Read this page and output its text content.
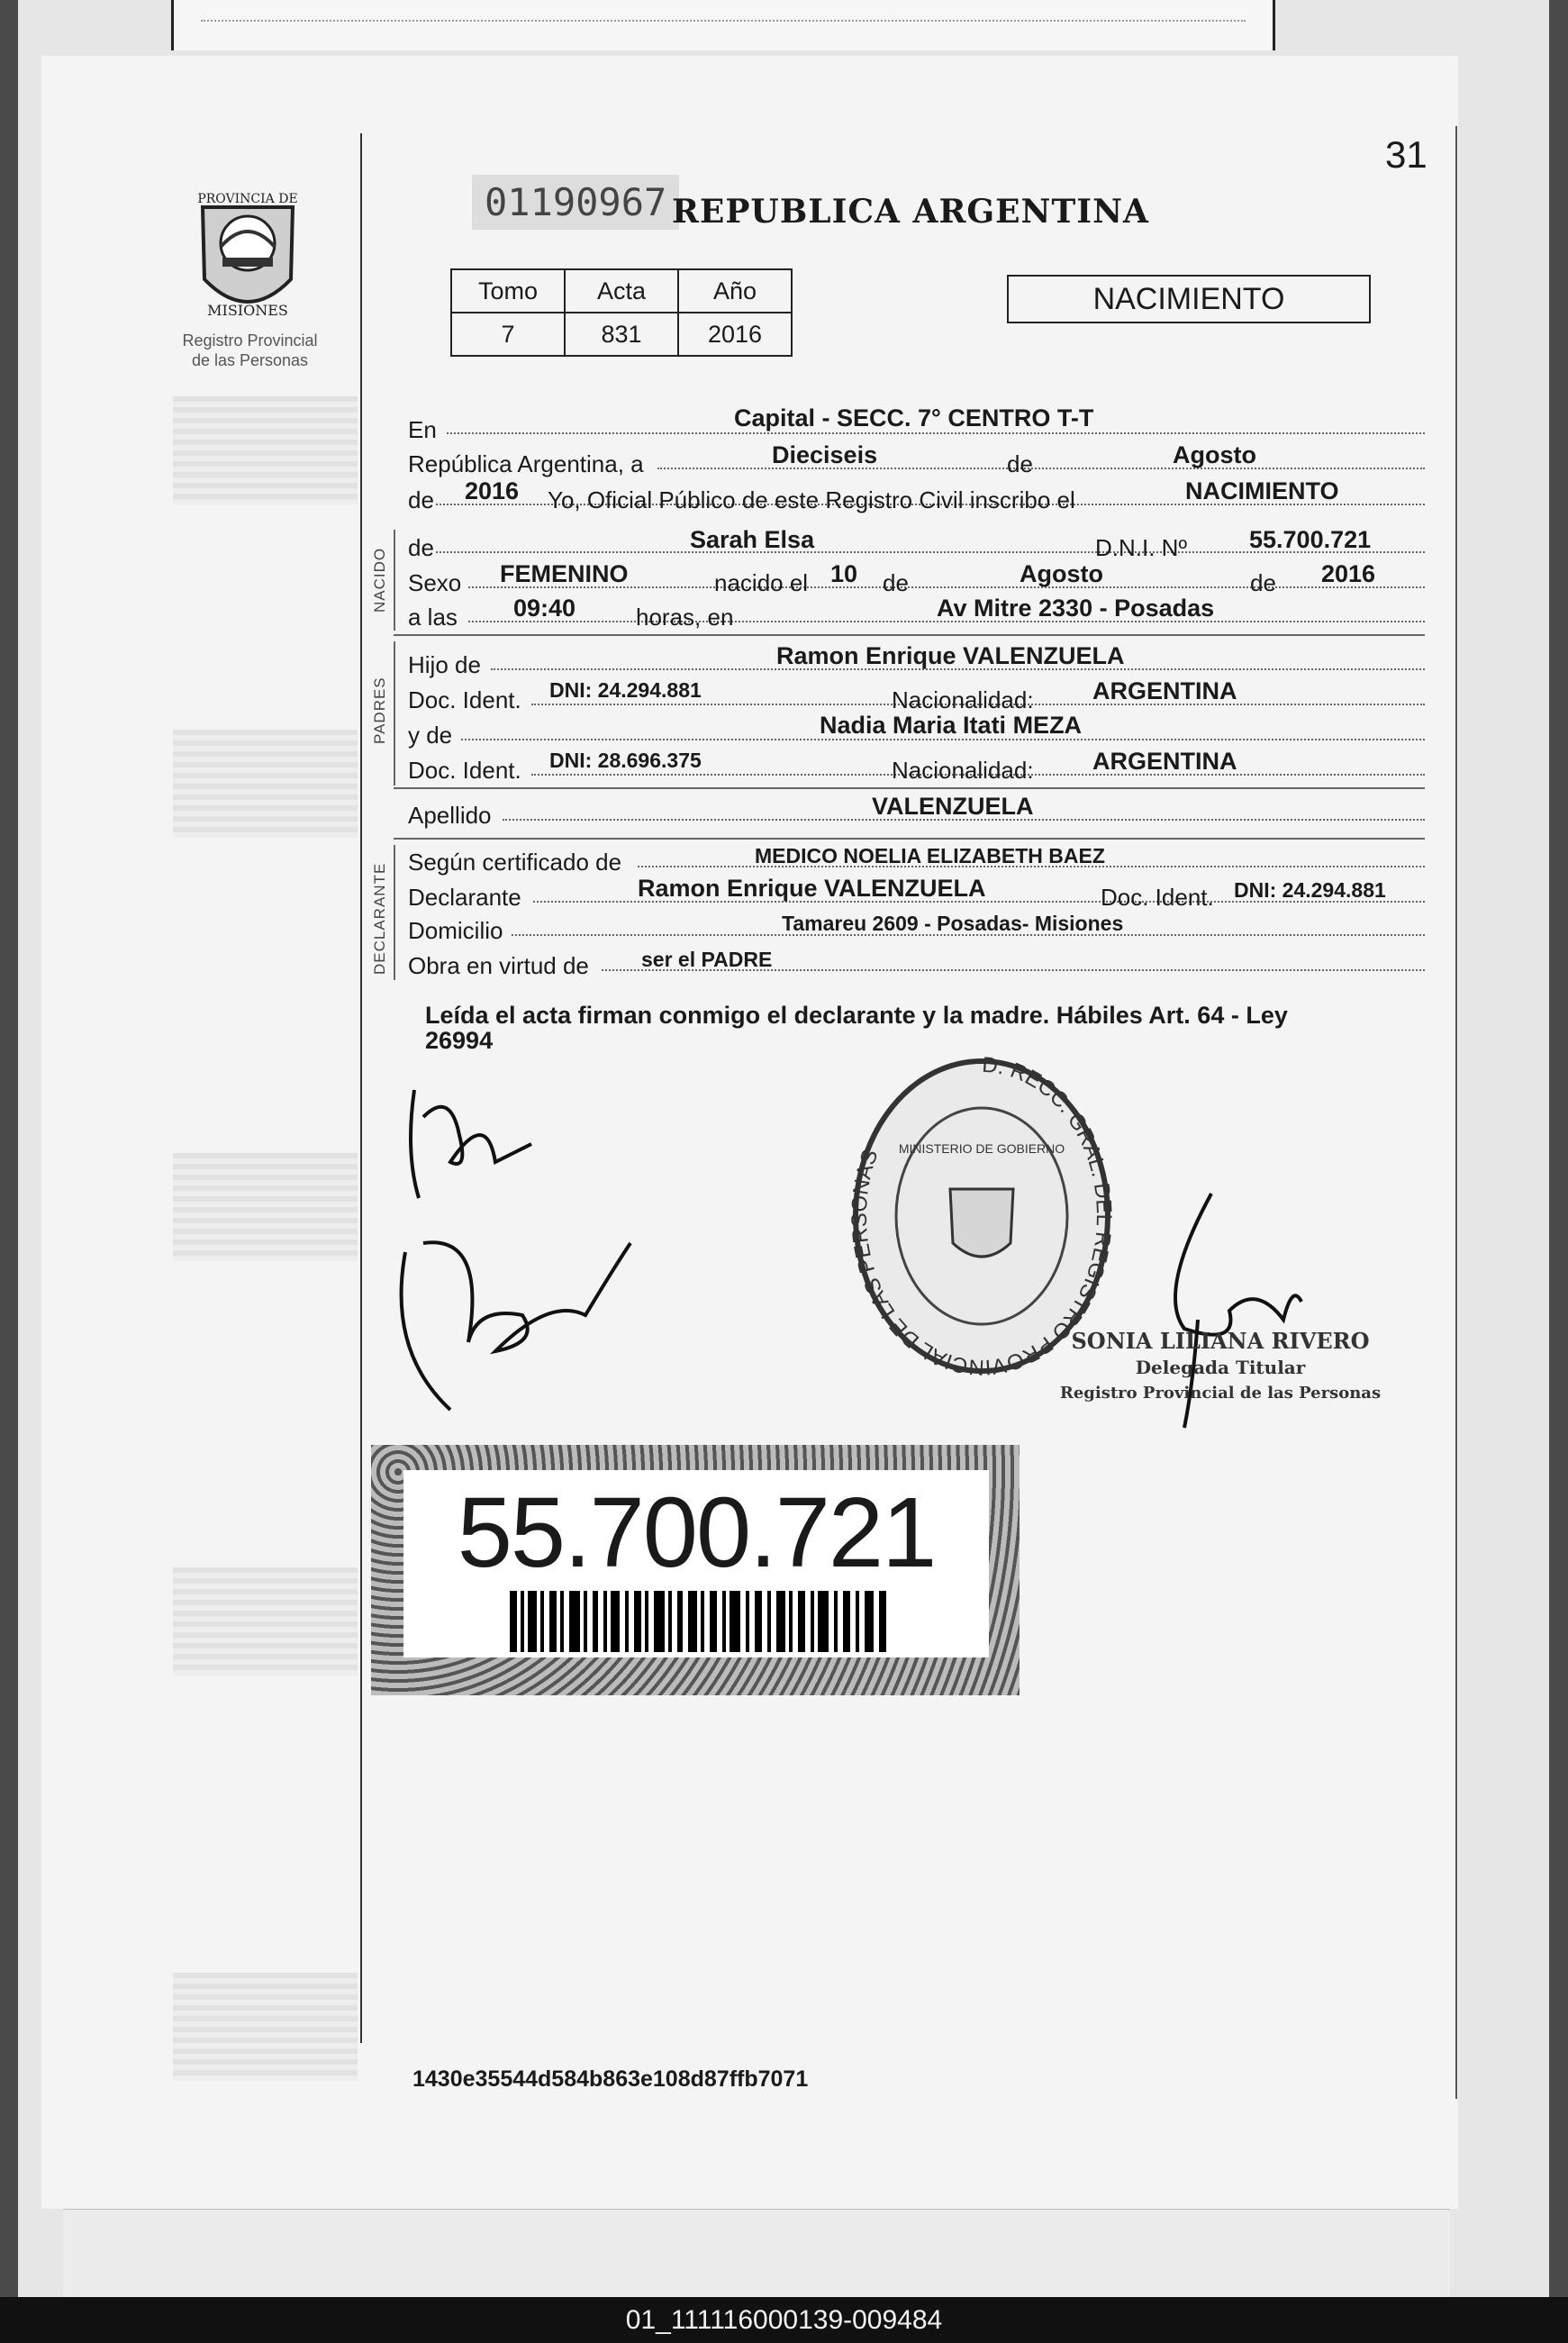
31
PROVINCIA DE
MISIONES
Registro Provincial
de las Personas
01190967 REPUBLICA ARGENTINA
Tomo	Acta	Año
7	831	2016
NACIMIENTO
En	Capital - SECC. 7° CENTRO T-T
República Argentina, a	Dieciseis	de	Agosto
de 2016 Yo, Oficial Público de este Registro Civil inscribo el	NACIMIENTO
NACIDO de	Sarah Elsa	D.N.I. Nº	55.700.721
Sexo FEMENINO	nacido el 10 de	Agosto	de 2016
a las 09:40	horas, en	Av Mitre 2330 - Posadas
PADRES
Hijo de	Ramon Enrique VALENZUELA
Doc. Ident. DNI: 24.294.881	Nacionalidad: ARGENTINA
y de	Nadia Maria Itati MEZA
Doc. Ident. DNI: 28.696.375	Nacionalidad: ARGENTINA
Apellido	VALENZUELA
DECLARANTE
Según certificado de	MEDICO NOELIA ELIZABETH BAEZ
Declarante	Ramon Enrique VALENZUELA	Doc. Ident. DNI: 24.294.881
Domicilio	Tamareu 2609 - Posadas- Misiones
Obra en virtud de	ser el PADRE
Leída el acta firman conmigo el declarante y la madre. Hábiles Art. 64 - Ley
26994
D. RECC. GRAL. DEL REGISTRO PROVINCIAL DE LAS PERSONAS	MINISTERIO DE GOBIERNO
SONIA LILIANA RIVERO
Delegada Titular
Registro Provincial de las Personas
55.700.721
1430e35544d584b863e108d87ffb7071
01_111116000139-009484
